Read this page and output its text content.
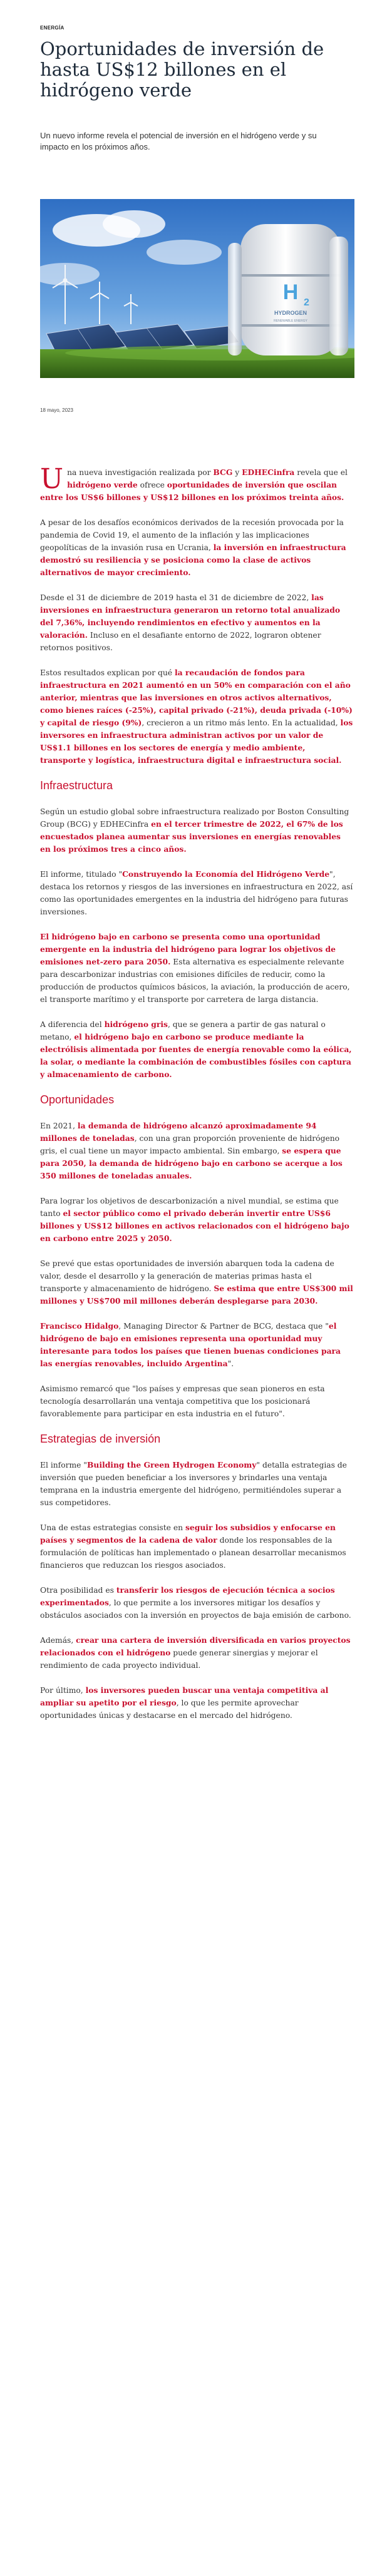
ENERGÍA
Oportunidades de inversión de hasta US$12 billones en el hidrógeno verde

Un nuevo informe revela el potencial de inversión en el hidrógeno verde y su impacto en los próximos años.

H 2
HYDROGEN
RENEWABLE ENERGY
18 mayo, 2023

Una nueva investigación realizada por BCG y EDHECinfra revela que el hidrógeno verde ofrece oportunidades de inversión que oscilan entre los US$6 billones y US$12 billones en los próximos treinta años.

A pesar de los desafíos económicos derivados de la recesión provocada por la pandemia de Covid 19, el aumento de la inflación y las implicaciones geopolíticas de la invasión rusa en Ucrania, la inversión en infraestructura demostró su resiliencia y se posiciona como la clase de activos alternativos de mayor crecimiento.

Desde el 31 de diciembre de 2019 hasta el 31 de diciembre de 2022, las inversiones en infraestructura generaron un retorno total anualizado del 7,36%, incluyendo rendimientos en efectivo y aumentos en la valoración. Incluso en el desafiante entorno de 2022, lograron obtener retornos positivos.

Estos resultados explican por qué la recaudación de fondos para infraestructura en 2021 aumentó en un 50% en comparación con el año anterior, mientras que las inversiones en otros activos alternativos, como bienes raíces (-25%), capital privado (-21%), deuda privada (-10%) y capital de riesgo (9%), crecieron a un ritmo más lento. En la actualidad, los inversores en infraestructura administran activos por un valor de US$1.1 billones en los sectores de energía y medio ambiente, transporte y logística, infraestructura digital e infraestructura social.

Infraestructura

Según un estudio global sobre infraestructura realizado por Boston Consulting Group (BCG) y EDHECinfra en el tercer trimestre de 2022, el 67% de los encuestados planea aumentar sus inversiones en energías renovables en los próximos tres a cinco años.

El informe, titulado "Construyendo la Economía del Hidrógeno Verde", destaca los retornos y riesgos de las inversiones en infraestructura en 2022, así como las oportunidades emergentes en la industria del hidrógeno para futuras inversiones.

El hidrógeno bajo en carbono se presenta como una oportunidad emergente en la industria del hidrógeno para lograr los objetivos de emisiones net-zero para 2050. Esta alternativa es especialmente relevante para descarbonizar industrias con emisiones difíciles de reducir, como la producción de productos químicos básicos, la aviación, la producción de acero, el transporte marítimo y el transporte por carretera de larga distancia.

A diferencia del hidrógeno gris, que se genera a partir de gas natural o metano, el hidrógeno bajo en carbono se produce mediante la electrólisis alimentada por fuentes de energía renovable como la eólica, la solar, o mediante la combinación de combustibles fósiles con captura y almacenamiento de carbono.

Oportunidades

En 2021, la demanda de hidrógeno alcanzó aproximadamente 94 millones de toneladas, con una gran proporción proveniente de hidrógeno gris, el cual tiene un mayor impacto ambiental. Sin embargo, se espera que para 2050, la demanda de hidrógeno bajo en carbono se acerque a los 350 millones de toneladas anuales.

Para lograr los objetivos de descarbonización a nivel mundial, se estima que tanto el sector público como el privado deberán invertir entre US$6 billones y US$12 billones en activos relacionados con el hidrógeno bajo en carbono entre 2025 y 2050.

Se prevé que estas oportunidades de inversión abarquen toda la cadena de valor, desde el desarrollo y la generación de materias primas hasta el transporte y almacenamiento de hidrógeno. Se estima que entre US$300 mil millones y US$700 mil millones deberán desplegarse para 2030.

Francisco Hidalgo, Managing Director & Partner de BCG, destaca que "el hidrógeno de bajo en emisiones representa una oportunidad muy interesante para todos los países que tienen buenas condiciones para las energías renovables, incluido Argentina".

Asimismo remarcó que "los países y empresas que sean pioneros en esta tecnología desarrollarán una ventaja competitiva que los posicionará favorablemente para participar en esta industria en el futuro".

Estrategias de inversión

El informe "Building the Green Hydrogen Economy" detalla estrategias de inversión que pueden beneficiar a los inversores y brindarles una ventaja temprana en la industria emergente del hidrógeno, permitiéndoles superar a sus competidores.

Una de estas estrategias consiste en seguir los subsidios y enfocarse en países y segmentos de la cadena de valor donde los responsables de la formulación de políticas han implementado o planean desarrollar mecanismos financieros que reduzcan los riesgos asociados.

Otra posibilidad es transferir los riesgos de ejecución técnica a socios experimentados, lo que permite a los inversores mitigar los desafíos y obstáculos asociados con la inversión en proyectos de baja emisión de carbono.

Además, crear una cartera de inversión diversificada en varios proyectos relacionados con el hidrógeno puede generar sinergias y mejorar el rendimiento de cada proyecto individual.

Por último, los inversores pueden buscar una ventaja competitiva al ampliar su apetito por el riesgo, lo que les permite aprovechar oportunidades únicas y destacarse en el mercado del hidrógeno.
